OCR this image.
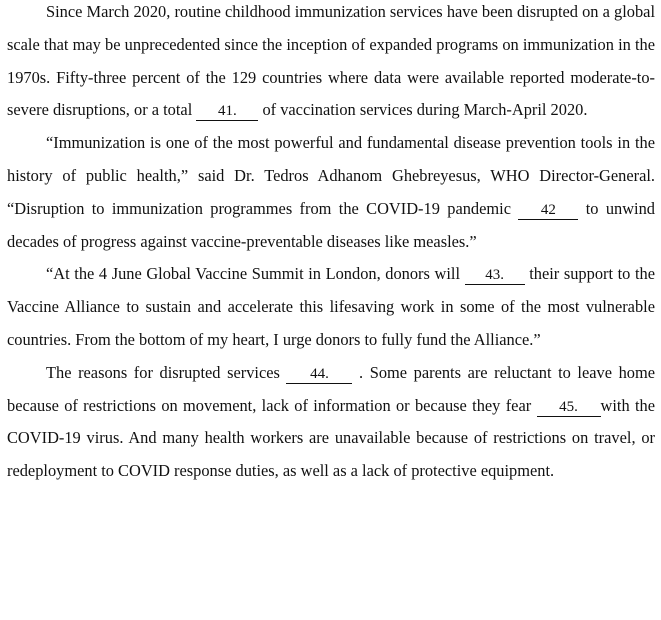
Since March 2020, routine childhood immunization services have been disrupted on a global scale that may be unprecedented since the inception of expanded programs on immunization in the 1970s. Fifty-three percent of the 129 countries where data were available reported moderate-to-severe disruptions, or a total 41. of vaccination services during March-April 2020.

“Immunization is one of the most powerful and fundamental disease prevention tools in the history of public health,” said Dr. Tedros Adhanom Ghebreyesus, WHO Director-General. “Disruption to immunization programmes from the COVID-19 pandemic 42 to unwind decades of progress against vaccine-preventable diseases like measles.”

“At the 4 June Global Vaccine Summit in London, donors will 43. their support to the Vaccine Alliance to sustain and accelerate this lifesaving work in some of the most vulnerable countries. From the bottom of my heart, I urge donors to fully fund the Alliance.”

The reasons for disrupted services 44. . Some parents are reluctant to leave home because of restrictions on movement, lack of information or because they fear 45. with the COVID-19 virus. And many health workers are unavailable because of restrictions on travel, or redeployment to COVID response duties, as well as a lack of protective equipment.
